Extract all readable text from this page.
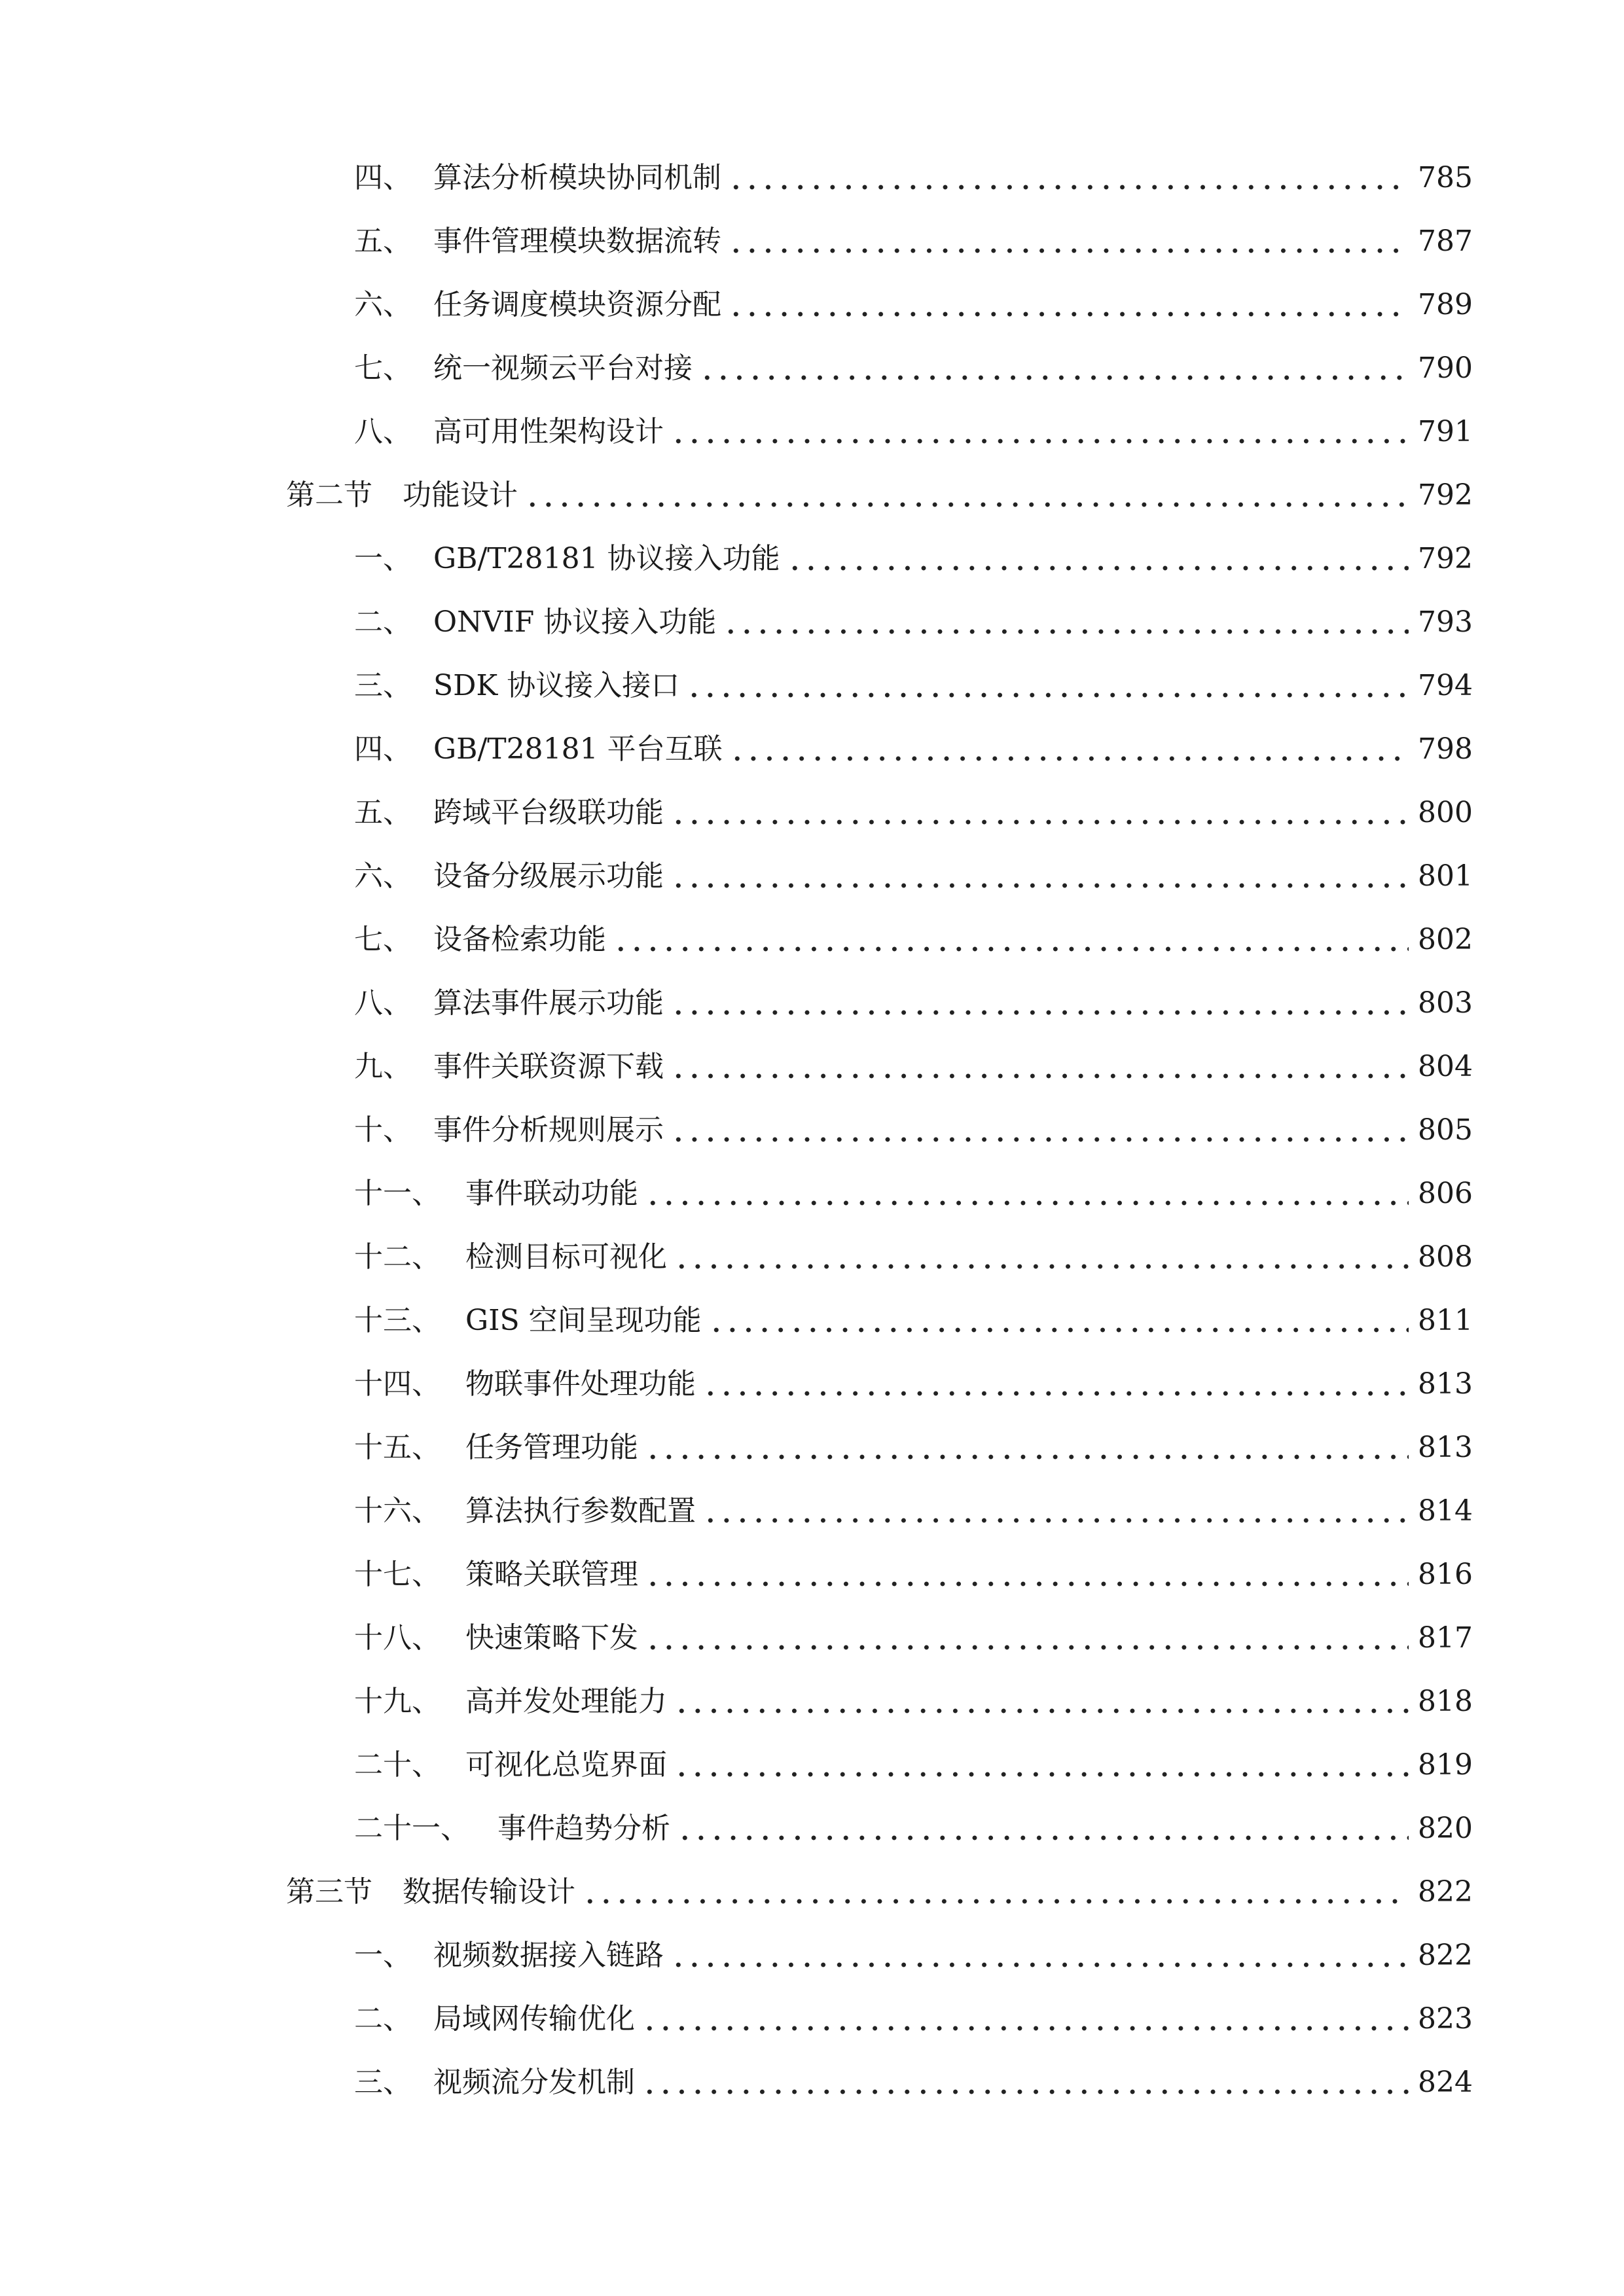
四、 算法分析模块协同机制	785
五、 事件管理模块数据流转	787
六、 任务调度模块资源分配	789
七、 统一视频云平台对接	790
八、 高可用性架构设计	791
第二节	功能设计	792
一、 GB/T28181 协议接入功能	792
二、 ONVIF 协议接入功能	793
三、 SDK 协议接入接口	794
四、 GB/T28181 平台互联	798
五、 跨域平台级联功能	800
六、 设备分级展示功能	801
七、 设备检索功能	802
八、 算法事件展示功能	803
九、 事件关联资源下载	804
十、 事件分析规则展示	805
十一、 事件联动功能	806
十二、 检测目标可视化	808
十三、 GIS 空间呈现功能	811
十四、 物联事件处理功能	813
十五、 任务管理功能	813
十六、 算法执行参数配置	814
十七、 策略关联管理	816
十八、 快速策略下发	817
十九、 高并发处理能力	818
二十、 可视化总览界面	819
二十一、 事件趋势分析	820
第三节	数据传输设计	822
一、 视频数据接入链路	822
二、 局域网传输优化	823
三、 视频流分发机制	824
